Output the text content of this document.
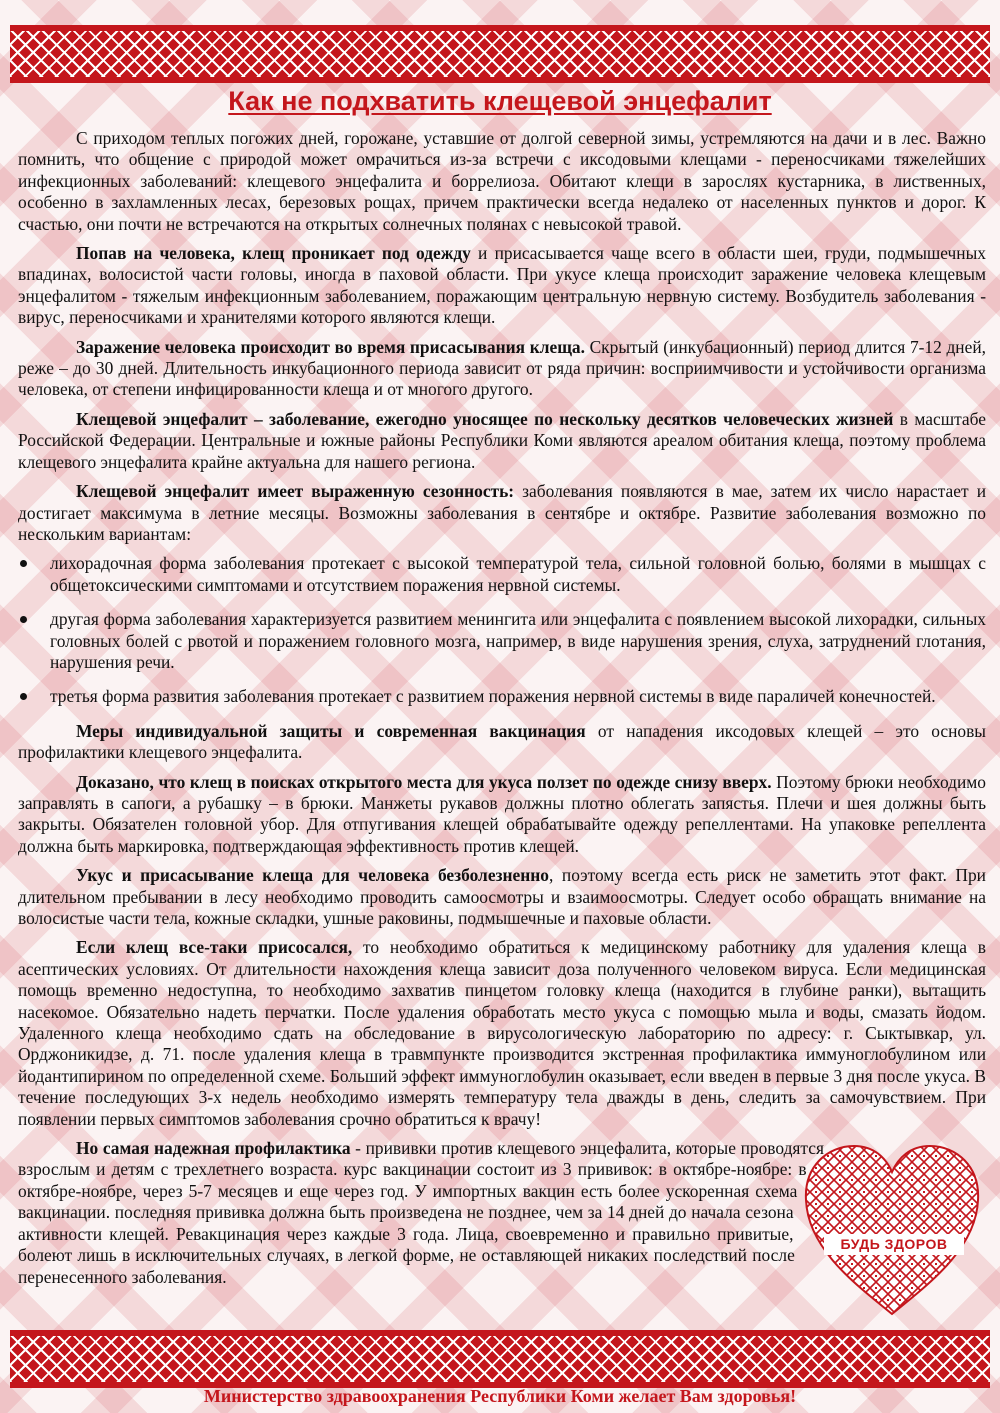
Как не подхватить клещевой энцефалит

С приходом теплых погожих дней, горожане, уставшие от долгой северной зимы, устремляются на дачи и в лес. Важно помнить, что общение с природой может омрачиться из-за встречи с иксодовыми клещами - переносчиками тяжелейших инфекционных заболеваний: клещевого энцефалита и боррелиоза. Обитают клещи в зарослях кустарника, в лиственных, особенно в захламленных лесах, березовых рощах, причем практически всегда недалеко от населенных пунктов и дорог. К счастью, они почти не встречаются на открытых солнечных полянах с невысокой травой.

Попав на человека, клещ проникает под одежду и присасывается чаще всего в области шеи, груди, подмышечных впадинах, волосистой части головы, иногда в паховой области. При укусе клеща происходит заражение человека клещевым энцефалитом - тяжелым инфекционным заболеванием, поражающим центральную нервную систему. Возбудитель заболевания - вирус, переносчиками и хранителями которого являются клещи.

Заражение человека происходит во время присасывания клеща. Скрытый (инкубационный) период длится 7-12 дней, реже – до 30 дней. Длительность инкубационного периода зависит от ряда причин: восприимчивости и устойчивости организма человека, от степени инфицированности клеща и от многого другого.

Клещевой энцефалит – заболевание, ежегодно уносящее по нескольку десятков человеческих жизней в масштабе Российской Федерации. Центральные и южные районы Республики Коми являются ареалом обитания клеща, поэтому проблема клещевого энцефалита крайне актуальна для нашего региона.

Клещевой энцефалит имеет выраженную сезонность: заболевания появляются в мае, затем их число нарастает и достигает максимума в летние месяцы. Возможны заболевания в сентябре и октябре. Развитие заболевания возможно по нескольким вариантам:

лихорадочная форма заболевания протекает с высокой температурой тела, сильной головной болью, болями в мышцах с общетоксическими симптомами и отсутствием поражения нервной системы.
другая форма заболевания характеризуется развитием менингита или энцефалита с появлением высокой лихорадки, сильных головных болей с рвотой и поражением головного мозга, например, в виде нарушения зрения, слуха, затруднений глотания, нарушения речи.
третья форма развития заболевания протекает с развитием поражения нервной системы в виде параличей конечностей.

Меры индивидуальной защиты и современная вакцинация от нападения иксодовых клещей – это основы профилактики клещевого энцефалита.

Доказано, что клещ в поисках открытого места для укуса ползет по одежде снизу вверх. Поэтому брюки необходимо заправлять в сапоги, а рубашку – в брюки. Манжеты рукавов должны плотно облегать запястья. Плечи и шея должны быть закрыты. Обязателен головной убор. Для отпугивания клещей обрабатывайте одежду репеллентами. На упаковке репеллента должна быть маркировка, подтверждающая эффективность против клещей.

Укус и присасывание клеща для человека безболезненно, поэтому всегда есть риск не заметить этот факт. При длительном пребывании в лесу необходимо проводить самоосмотры и взаимоосмотры. Следует особо обращать внимание на волосистые части тела, кожные складки, ушные раковины, подмышечные и паховые области.

Если клещ все-таки присосался, то необходимо обратиться к медицинскому работнику для удаления клеща в асептических условиях. От длительности нахождения клеща зависит доза полученного человеком вируса. Если медицинская помощь временно недоступна, то необходимо захватив пинцетом головку клеща (находится в глубине ранки), вытащить насекомое. Обязательно надеть перчатки. После удаления обработать место укуса с помощью мыла и воды, смазать йодом. Удаленного клеща необходимо сдать на обследование в вирусологическую лабораторию по адресу: г. Сыктывкар, ул. Орджоникидзе, д. 71. после удаления клеща в травмпункте производится экстренная профилактика иммуноглобулином или йодантипирином по определенной схеме. Больший эффект иммуноглобулин оказывает, если введен в первые 3 дня после укуса. В течение последующих 3-х недель необходимо измерять температуру тела дважды в день, следить за самочувствием. При появлении первых симптомов заболевания срочно обратиться к врачу!

БУДЬ ЗДОРОВ

Но самая надежная профилактика - прививки против клещевого энцефалита, которые проводятся взрослым и детям с трехлетнего возраста. курс вакцинации состоит из 3 прививок: в октябре-ноябре: в октябре-ноябре, через 5-7 месяцев и еще через год. У импортных вакцин есть более ускоренная схема вакцинации. последняя прививка должна быть произведена не позднее, чем за 14 дней до начала сезона активности клещей. Ревакцинация через каждые 3 года. Лица, своевременно и правильно привитые, болеют лишь в исключительных случаях, в легкой форме, не оставляющей никаких последствий после перенесенного заболевания.

Министерство здравоохранения Республики Коми желает Вам здоровья!
